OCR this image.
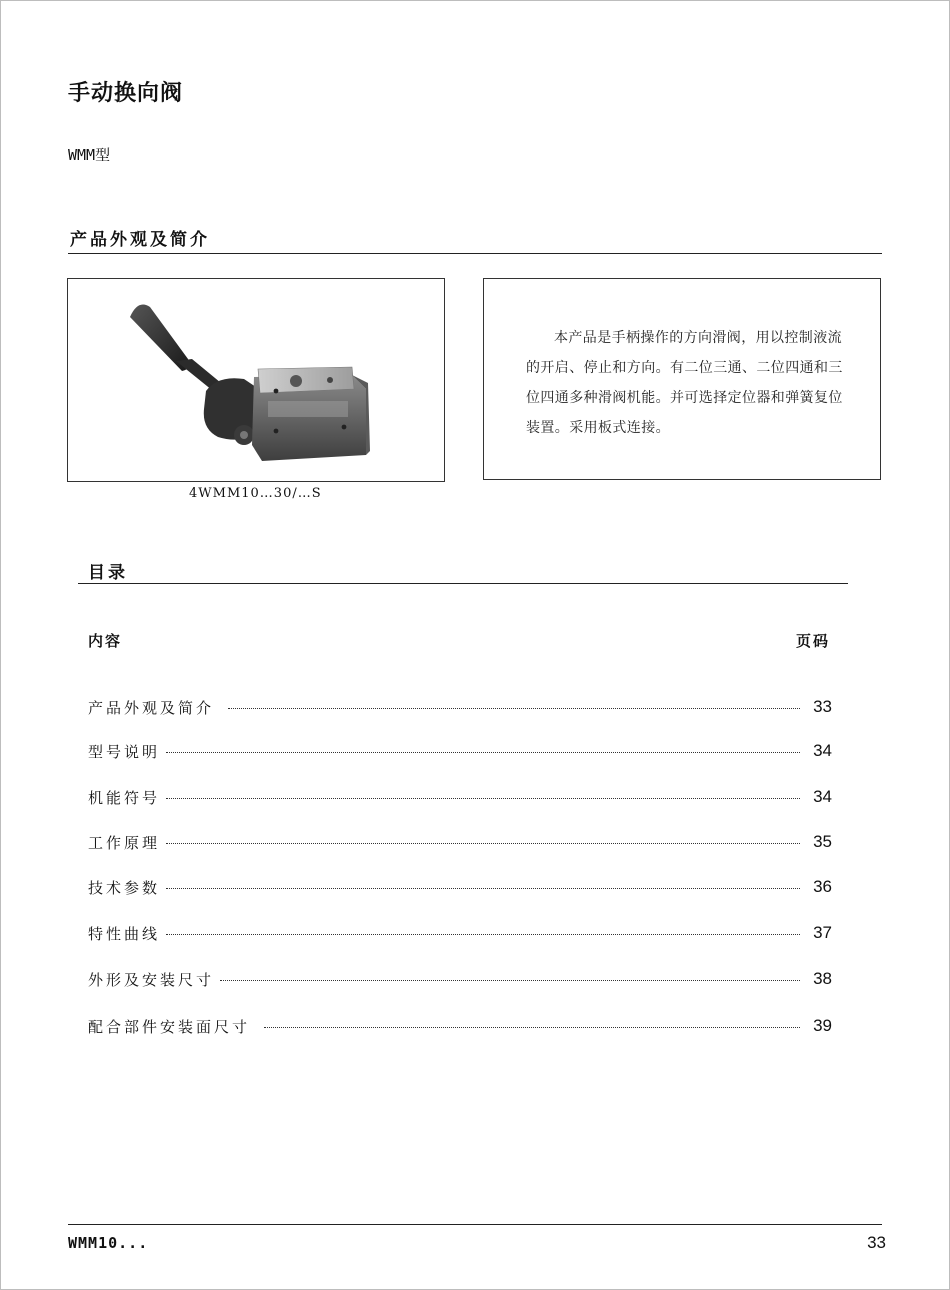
手动换向阀
WMM型
产品外观及简介
4WMM10…30/…S
本产品是手柄操作的方向滑阀，用以控制液流的开启、停止和方向。有二位三通、二位四通和三位四通多种滑阀机能。并可选择定位器和弹簧复位装置。采用板式连接。
目录
内容	页码
产品外观及简介	33
型号说明	34
机能符号	34
工作原理	35
技术参数	36
特性曲线	37
外形及安装尺寸	38
配合部件安装面尺寸	39
WMM10...	33
